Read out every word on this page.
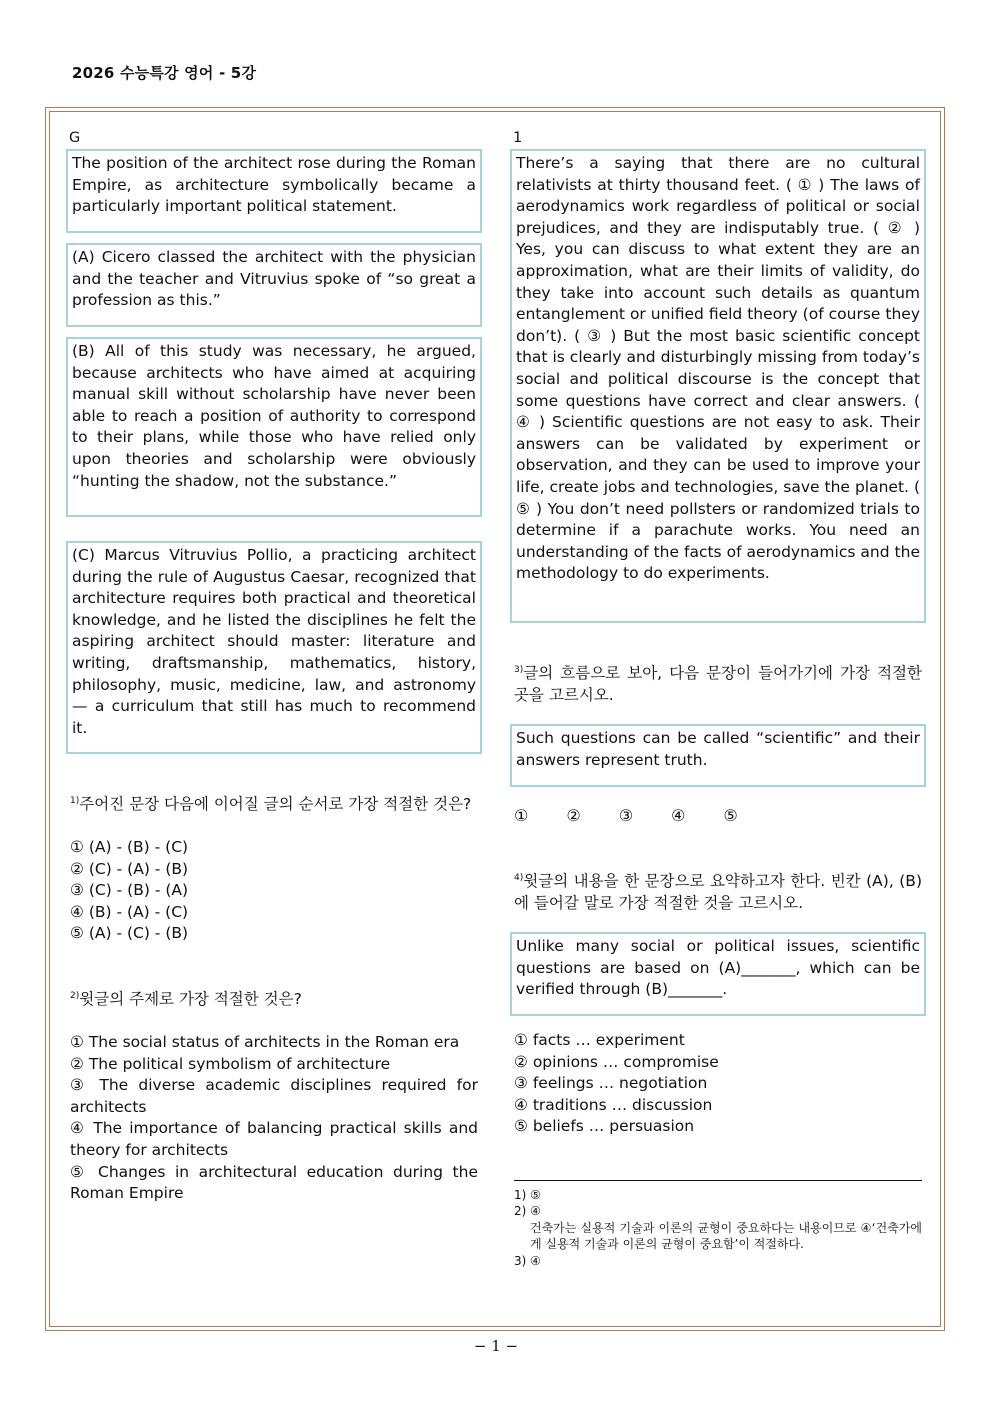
2026 수능특강 영어 - 5강
G
The position of the architect rose during the Roman Empire, as architecture symbolically became a particularly important political statement.
(A) Cicero classed the architect with the physician and the teacher and Vitruvius spoke of “so great a profession as this.”
(B) All of this study was necessary, he argued, because architects who have aimed at acquiring manual skill without scholarship have never been able to reach a position of authority to correspond to their plans, while those who have relied only upon theories and scholarship were obviously “hunting the shadow, not the substance.”
(C) Marcus Vitruvius Pollio, a practicing architect during the rule of Augustus Caesar, recognized that architecture requires both practical and theoretical knowledge, and he listed the disciplines he felt the aspiring architect should master: literature and writing, draftsmanship, mathematics, history, philosophy, music, medicine, law, and astronomy — a curriculum that still has much to recommend it.
$^{1)}$주어진 문장 다음에 이어질 글의 순서로 가장 적절한 것은?
① (A) - (B) - (C)
② (C) - (A) - (B)
③ (C) - (B) - (A)
④ (B) - (A) - (C)
⑤ (A) - (C) - (B)
$^{2)}$윗글의 주제로 가장 적절한 것은?
① The social status of architects in the Roman era
② The political symbolism of architecture
③ The diverse academic disciplines required for architects
④ The importance of balancing practical skills and theory for architects
⑤ Changes in architectural education during the Roman Empire
1
There’s a saying that there are no cultural relativists at thirty thousand feet. ( ① ) The laws of aerodynamics work regardless of political or social prejudices, and they are indisputably true. ( ② ) Yes, you can discuss to what extent they are an approximation, what are their limits of validity, do they take into account such details as quantum entanglement or unified field theory (of course they don’t). ( ③ ) But the most basic scientific concept that is clearly and disturbingly missing from today’s social and political discourse is the concept that some questions have correct and clear answers. ( ④ ) Scientific questions are not easy to ask. Their answers can be validated by experiment or observation, and they can be used to improve your life, create jobs and technologies, save the planet. ( ⑤ ) You don’t need pollsters or randomized trials to determine if a parachute works. You need an understanding of the facts of aerodynamics and the methodology to do experiments.
$^{3)}$글의 흐름으로 보아, 다음 문장이 들어가기에 가장 적절한 곳을 고르시오.
Such questions can be called “scientific” and their answers represent truth.
① ② ③ ④ ⑤
$^{4)}$윗글의 내용을 한 문장으로 요약하고자 한다. 빈칸 (A), (B)에 들어갈 말로 가장 적절한 것을 고르시오.
Unlike many social or political issues, scientific questions are based on (A)_______, which can be verified through (B)_______.
① facts … experiment
② opinions … compromise
③ feelings … negotiation
④ traditions … discussion
⑤ beliefs … persuasion
1) ⑤
2) ④
건축가는 실용적 기술과 이론의 균형이 중요하다는 내용이므로 ④‘건축가에게 실용적 기술과 이론의 균형이 중요함’이 적절하다.
3) ④
− 1 −
